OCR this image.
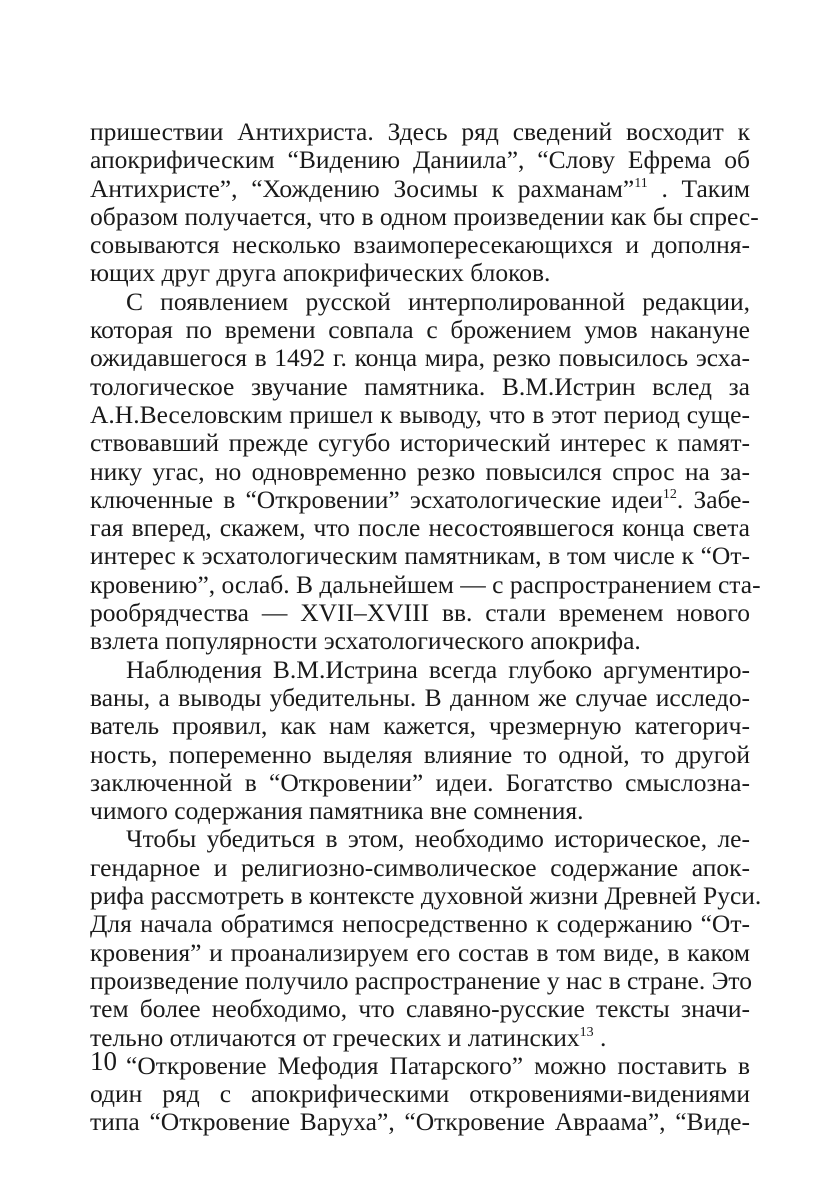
пришествии Антихриста. Здесь ряд сведений восходит к
апокрифическим “Видению Даниила”, “Слову Ефрема об
Антихристе”, “Хождению Зосимы к рахманам”$^{11}$ . Таким
образом получается, что в одном произведении как бы спрес-
совываются несколько взаимопересекающихся и дополня-
ющих друг друга апокрифических блоков.
С появлением русской интерполированной редакции,
которая по времени совпала с брожением умов накануне
ожидавшегося в 1492 г. конца мира, резко повысилось эсха-
тологическое звучание памятника. В.М.Истрин вслед за
А.Н.Веселовским пришел к выводу, что в этот период суще-
ствовавший прежде сугубо исторический интерес к памят-
нику угас, но одновременно резко повысился спрос на за-
ключенные в “Откровении” эсхатологические идеи$^{12}$. Забе-
гая вперед, скажем, что после несостоявшегося конца света
интерес к эсхатологическим памятникам, в том числе к “От-
кровению”, ослаб. В дальнейшем — с распространением ста-
рообрядчества — XVII–XVIII вв. стали временем нового
взлета популярности эсхатологического апокрифа.
Наблюдения В.М.Истрина всегда глубоко аргументиро-
ваны, а выводы убедительны. В данном же случае исследо-
ватель проявил, как нам кажется, чрезмерную категорич-
ность, попеременно выделяя влияние то одной, то другой
заключенной в “Откровении” идеи. Богатство смыслозна-
чимого содержания памятника вне сомнения.
Чтобы убедиться в этом, необходимо историческое, ле-
гендарное и религиозно-символическое содержание апок-
рифа рассмотреть в контексте духовной жизни Древней Руси.
Для начала обратимся непосредственно к содержанию “От-
кровения” и проанализируем его состав в том виде, в каком
произведение получило распространение у нас в стране. Это
тем более необходимо, что славяно-русские тексты значи-
тельно отличаются от греческих и латинских$^{13}$ .
“Откровение Мефодия Патарского” можно поставить в
один ряд с апокрифическими откровениями-видениями
типа “Откровение Варуха”, “Откровение Авраама”, “Виде-
10
